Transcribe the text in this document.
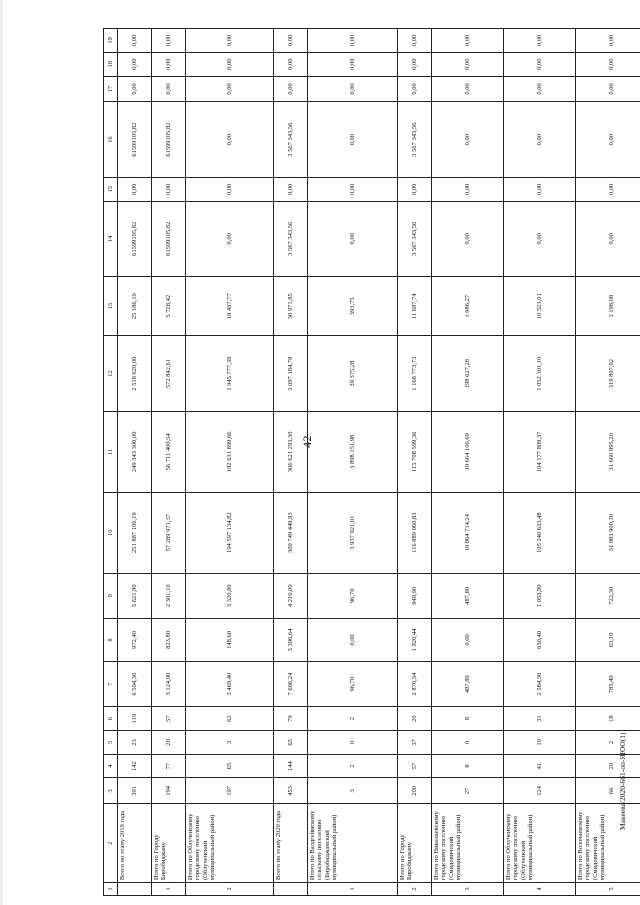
42
Макеева/2020-661-оп-ЯЮО(1)
1	2	3	4	5	6	7	8	9	10	11	12	13	14	15	16	17	18	19
	Всего по этапу 2019 года	391	142	23	119	6 594,30	972,40	5 621,90	251 887 106,19	249 343 300,00	2 518 620,00	25 186,19	61599105,82	0,00	61599105,82	0,00	0,00	0,00
1	Итого по Городу Биробиджану	194	77	20	57	3 124,90	823,80	2 301,10	57 289 971,37	56 711 400,54	572 842,61	5 728,42	61599105,82	0,00	61599105,82	0,00	0,00	0,00
2	Итого по Облученскому городскому поселению (Облученский муниципальный район)	197	65	3	62	3 469,40	148,60	3 320,80	194 597 134,82	192 631 899,66	1 945 777,39	19 457,77	0,00	0,00	0,00	0,00	0,00	0,00
	Всего по этапу 2020 года	453	144	65	79	7 606,24	3 396,64	4 210,00	309 749 449,93	306 621 293,30	3 097 184,78	30 971,85	3 567 343,56	0,00	3 567 343,56	0,00	0,00	0,00
1	Итого по Валдгеймскому сельскому поселению (Биробиджанский муниципальный район)	3	2	0	2	96,70	0,00	96,70	3 937 921,01	3 898 151,98	39 375,28	393,75	0,00	0,00	0,00	0,00	0,00	0,00
2	Итого по Городу Биробиджану	200	57	37	20	2 870,34	1 920,44	949,90	116 889 060,83	115 708 599,36	1 168 773,73	11 687,74	3 567 343,56	0,00	3 567 343,56	0,00	0,00	0,00
3	Итого по Николаевскому городскому поселению (Смидовичский муниципальный район)	27	8	0	8	487,80	0,00	487,80	19 864 714,24	19 664 100,69	198 627,28	1 986,27	0,00	0,00	0,00	0,00	0,00	0,00
4	Итого по Облученскому городскому поселению (Облученский муниципальный район)	124	41	10	31	2 584,30	630,40	1 953,90	105 240 633,48	104 177 809,37	1 052 301,10	10 523,01	0,00	0,00	0,00	0,00	0,00	0,00
5	Итого по Волочаевскому городскому поселению (Смидовичский муниципальный район)	66	20	2	18	785,40	63,10	722,30	31 983 900,30	31 660 895,20	319 807,02	3 198,08	0,00	0,00	0,00	0,00	0,00	0,00
